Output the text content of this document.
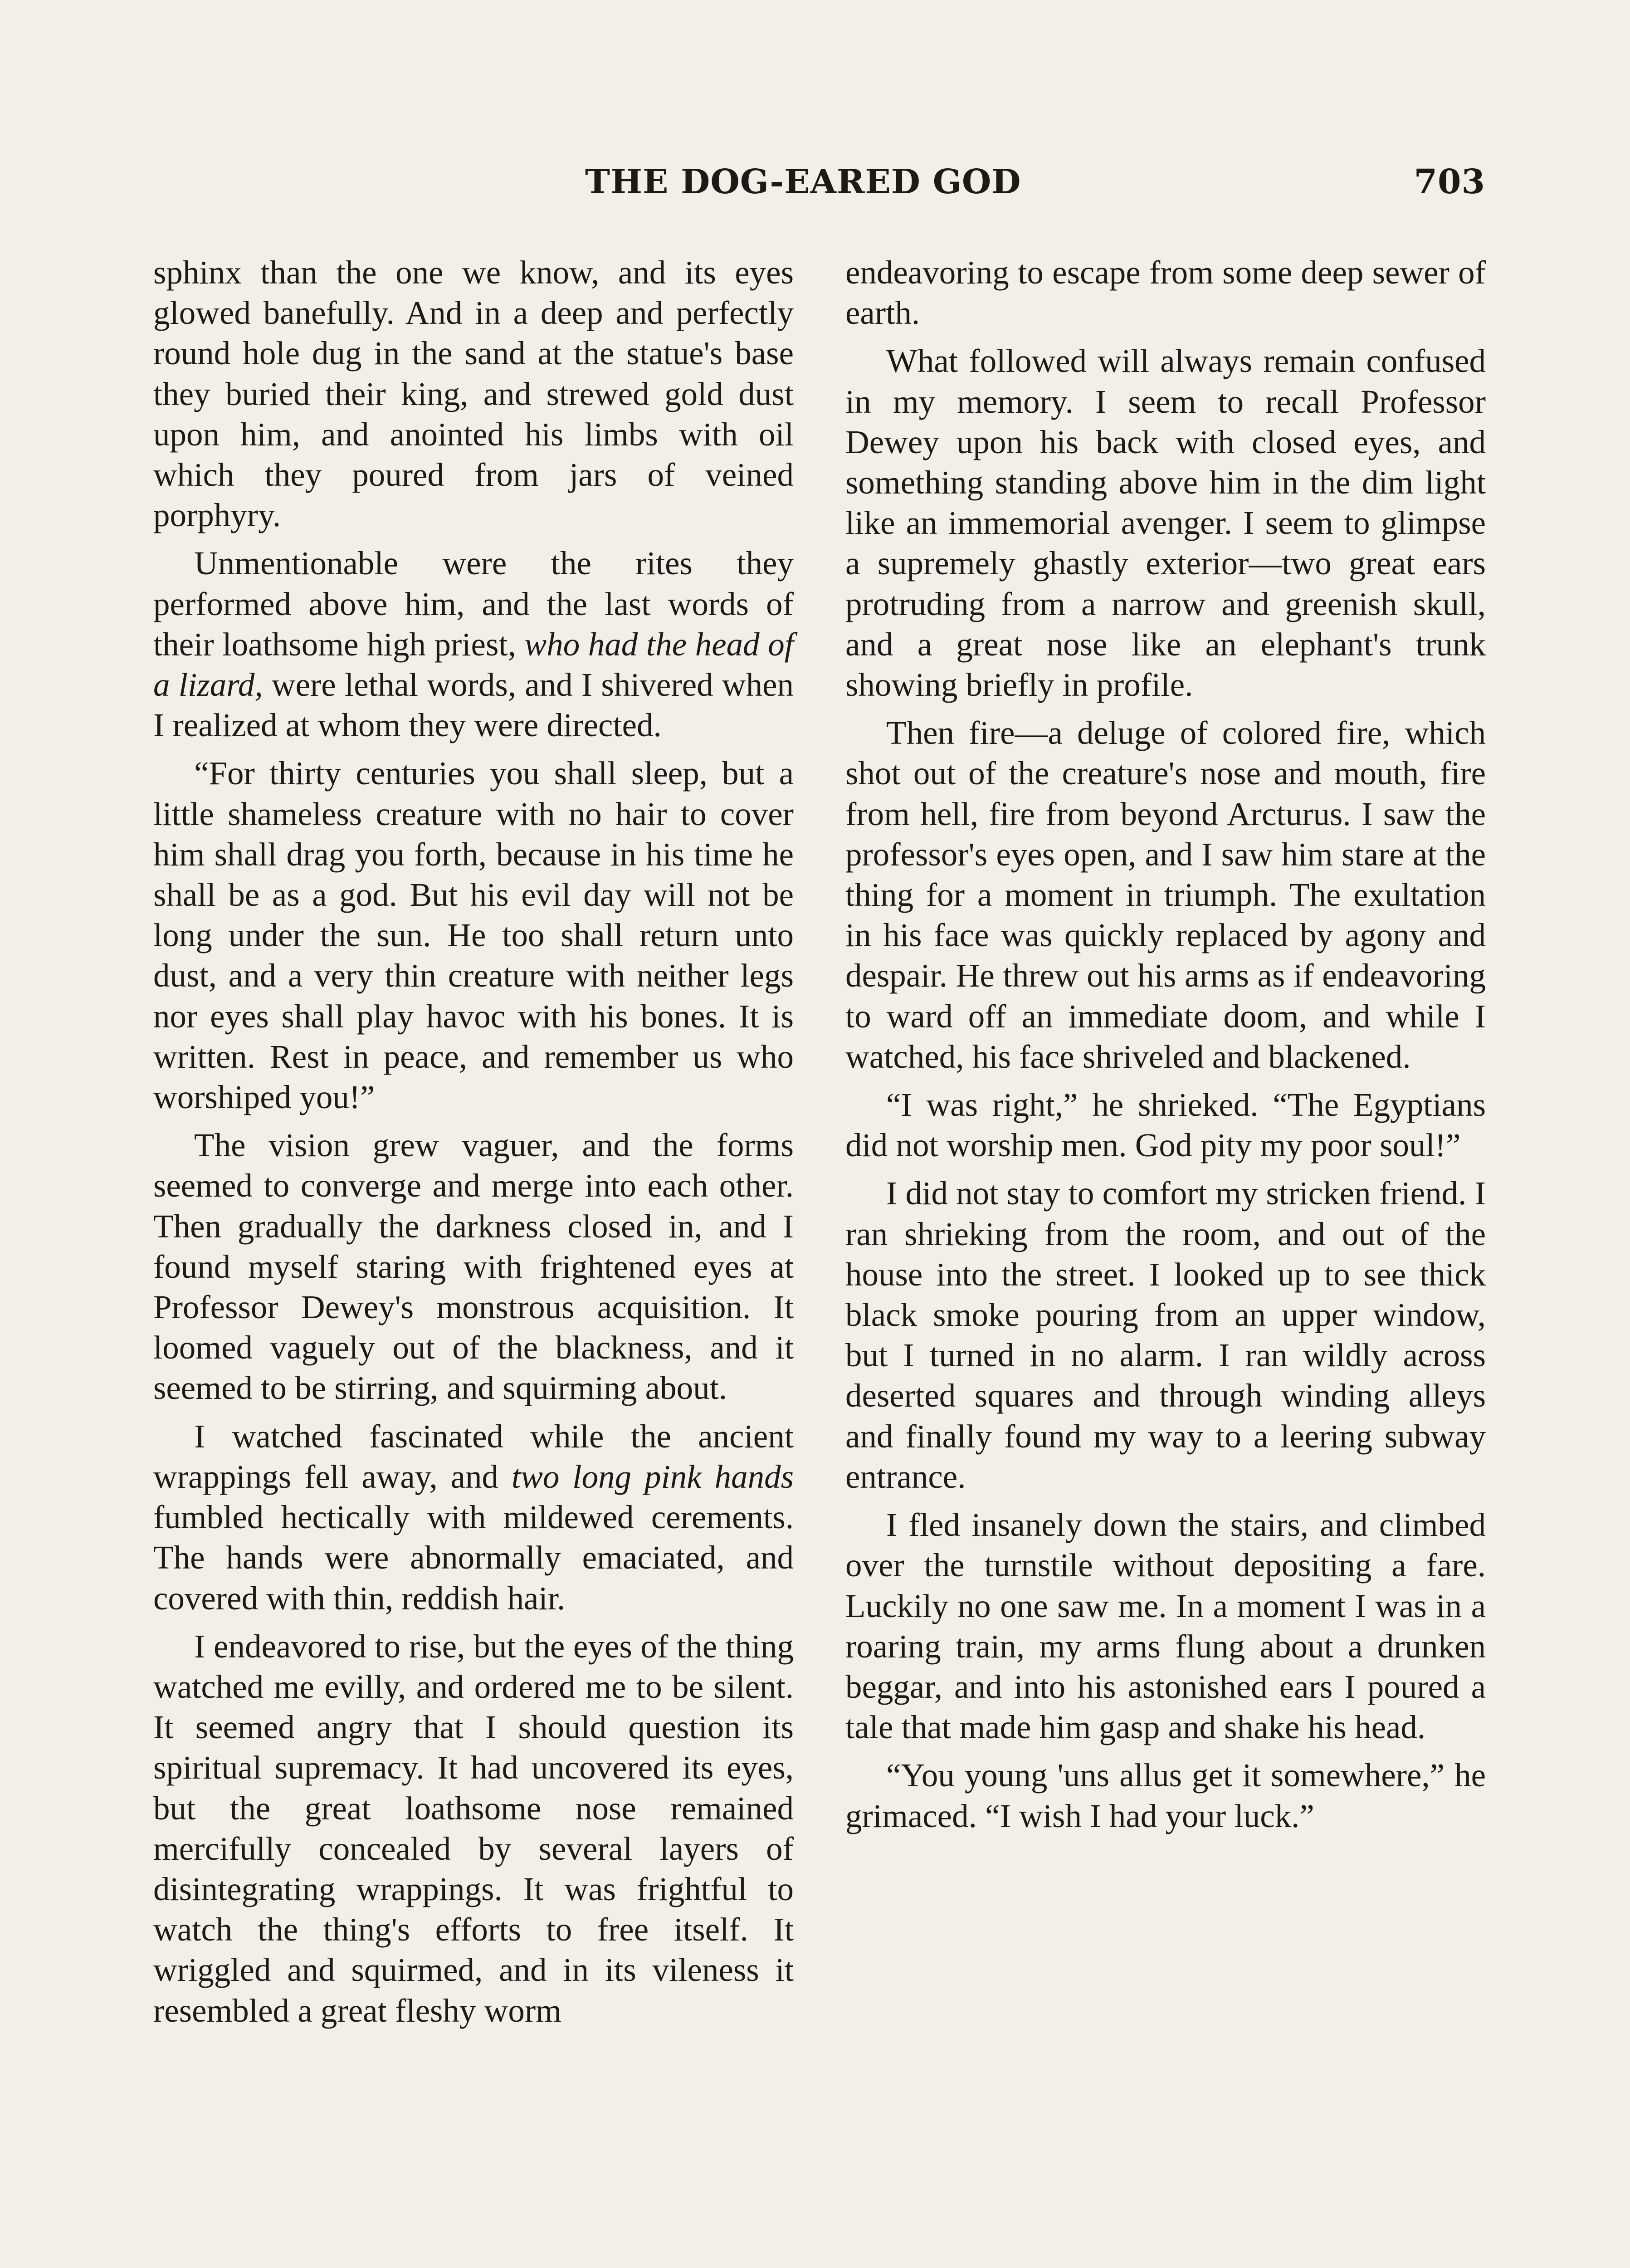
THE DOG-EARED GOD	703

sphinx than the one we know, and its eyes glowed banefully. And in a deep and perfectly round hole dug in the sand at the statue's base they buried their king, and strewed gold dust upon him, and anointed his limbs with oil which they poured from jars of veined porphyry.

Unmentionable were the rites they performed above him, and the last words of their loathsome high priest, who had the head of a lizard, were lethal words, and I shivered when I realized at whom they were directed.

“For thirty centuries you shall sleep, but a little shameless creature with no hair to cover him shall drag you forth, because in his time he shall be as a god. But his evil day will not be long under the sun. He too shall return unto dust, and a very thin creature with neither legs nor eyes shall play havoc with his bones. It is written. Rest in peace, and remember us who worshiped you!”

The vision grew vaguer, and the forms seemed to converge and merge into each other. Then gradually the darkness closed in, and I found myself staring with frightened eyes at Professor Dewey's monstrous acquisition. It loomed vaguely out of the blackness, and it seemed to be stirring, and squirming about.

I watched fascinated while the ancient wrappings fell away, and two long pink hands fumbled hectically with mildewed cerements. The hands were abnormally emaciated, and covered with thin, reddish hair.

I endeavored to rise, but the eyes of the thing watched me evilly, and ordered me to be silent. It seemed angry that I should question its spiritual supremacy. It had uncovered its eyes, but the great loathsome nose remained mercifully concealed by several layers of disintegrating wrappings. It was frightful to watch the thing's efforts to free itself. It wriggled and squirmed, and in its vileness it resembled a great fleshy worm

endeavoring to escape from some deep sewer of earth.

What followed will always remain confused in my memory. I seem to recall Professor Dewey upon his back with closed eyes, and something standing above him in the dim light like an immemorial avenger. I seem to glimpse a supremely ghastly exterior—two great ears protruding from a narrow and greenish skull, and a great nose like an elephant's trunk showing briefly in profile.

Then fire—a deluge of colored fire, which shot out of the creature's nose and mouth, fire from hell, fire from beyond Arcturus. I saw the professor's eyes open, and I saw him stare at the thing for a moment in triumph. The exultation in his face was quickly replaced by agony and despair. He threw out his arms as if endeavoring to ward off an immediate doom, and while I watched, his face shriveled and blackened.

“I was right,” he shrieked. “The Egyptians did not worship men. God pity my poor soul!”

I did not stay to comfort my stricken friend. I ran shrieking from the room, and out of the house into the street. I looked up to see thick black smoke pouring from an upper window, but I turned in no alarm. I ran wildly across deserted squares and through winding alleys and finally found my way to a leering subway entrance.

I fled insanely down the stairs, and climbed over the turnstile without depositing a fare. Luckily no one saw me. In a moment I was in a roaring train, my arms flung about a drunken beggar, and into his astonished ears I poured a tale that made him gasp and shake his head.

“You young 'uns allus get it somewhere,” he grimaced. “I wish I had your luck.”
